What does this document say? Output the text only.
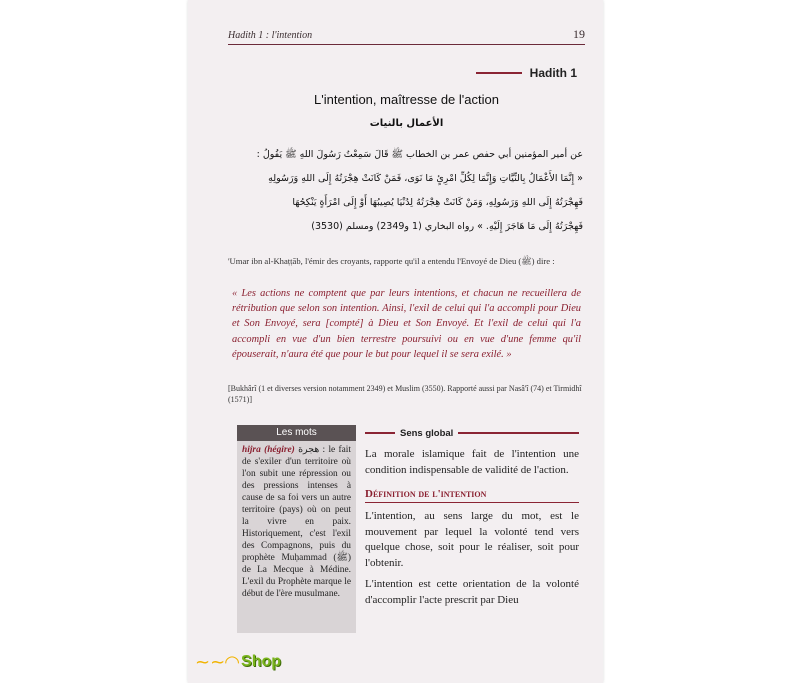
Hadith 1 : l'intention	19
Hadith 1
L'intention, maîtresse de l'action
الأعمال بالنيات

عن أمير المؤمنين أبي حفص عمر بن الخطاب ﷺ قَالَ سَمِعْتُ رَسُولَ اللهِ ﷺ يَقُولُ :

« إِنَّمَا الأَعْمَالُ بِالنِّيَّاتِ وَإِنَّمَا لِكُلِّ امْرِئٍ مَا نَوَى، فَمَنْ كَانَتْ هِجْرَتُهُ إِلَى اللهِ وَرَسُولِهِ

فَهِجْرَتُهُ إِلَى اللهِ وَرَسُولِهِ، وَمَنْ كَانَتْ هِجْرَتُهُ لِدُنْيَا يُصِيبُهَا أَوْ إِلَى امْرَأَةٍ يَنْكِحُهَا

فَهِجْرَتُهُ إِلَى مَا هَاجَرَ إِلَيْهِ. » رواه البخاري (1 و2349) ومسلم (3530)

'Umar ibn al-Khaṭṭāb, l'émir des croyants, rapporte qu'il a entendu l'Envoyé de Dieu (ﷺ) dire :
« Les actions ne comptent que par leurs intentions, et chacun ne recueillera de rétribution que selon son intention. Ainsi, l'exil de celui qui l'a accompli pour Dieu et Son Envoyé, sera [compté] à Dieu et Son Envoyé. Et l'exil de celui qui l'a accompli en vue d'un bien terrestre poursuivi ou en vue d'une femme qu'il épouserait, n'aura été que pour le but pour lequel il se sera exilé. »
[Bukhârî (1 et diverses version notamment 2349) et Muslim (3550). Rapporté aussi par Nasâ'î (74) et Tirmidhî (1571)]
Les mots
hijra (hégire) هجرة : le fait de s'exiler d'un territoire où l'on subit une répression ou des pressions intenses à cause de sa foi vers un autre territoire (pays) où on peut la vivre en paix. Historiquement, c'est l'exil des Compagnons, puis du prophète Muḥammad (ﷺ) de La Mecque à Médine. L'exil du Prophète marque le début de l'ère musulmane.
Sens global

La morale islamique fait de l'intention une condition indispensable de validité de l'action.

Définition de l'intention

L'intention, au sens large du mot, est le mouvement par lequel la volonté tend vers quelque chose, soit pour le réaliser, soit pour l'obtenir.

L'intention est cette orientation de la volonté d'accomplir l'acte prescrit par Dieu

~~◠ Shop
